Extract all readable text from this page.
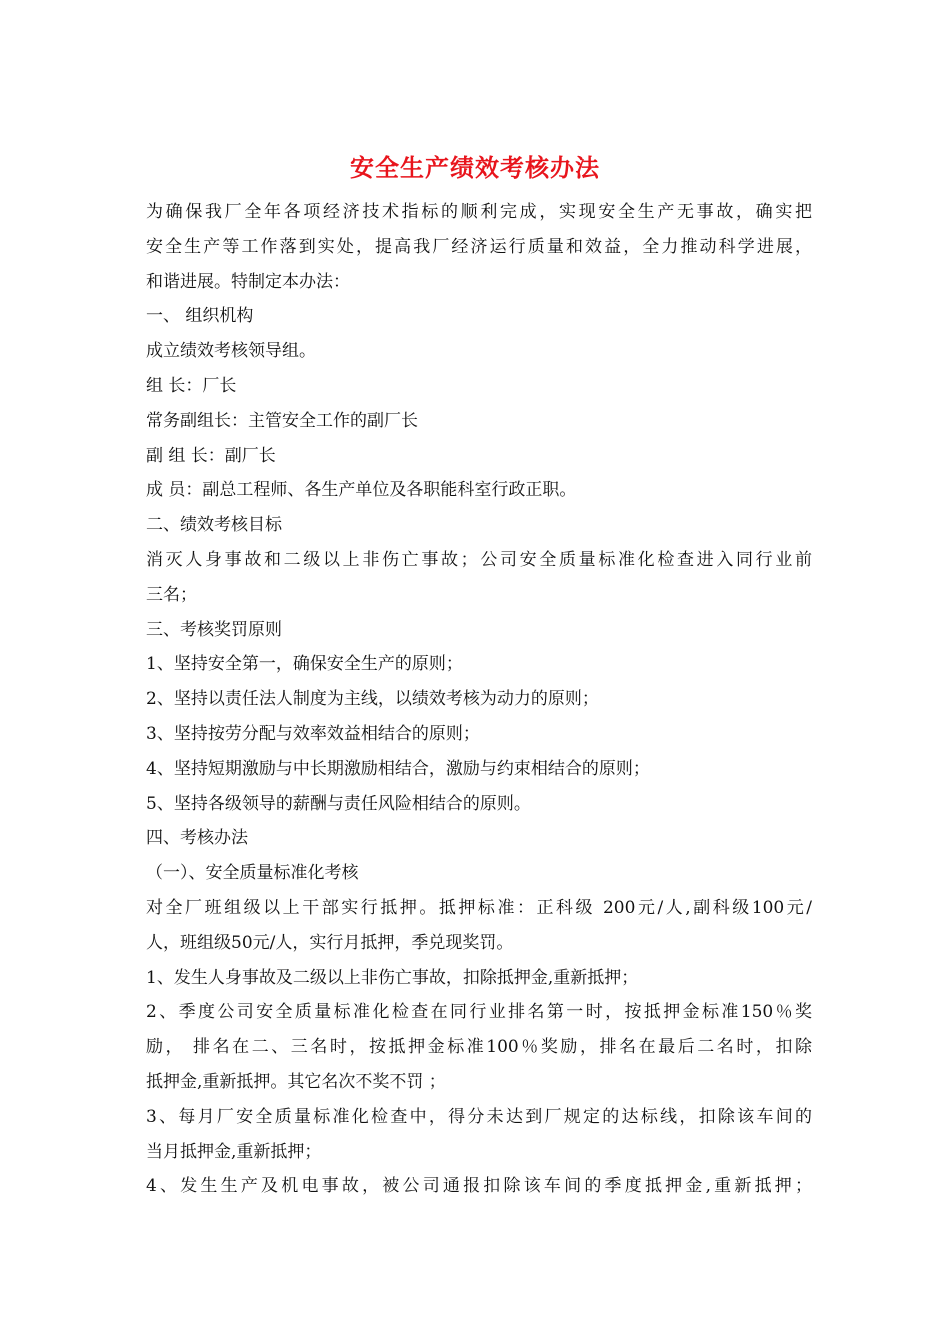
安全生产绩效考核办法
为确保我厂全年各项经济技术指标的顺利完成，实现安全生产无事故，确实把
安全生产等工作落到实处，提高我厂经济运行质量和效益，全力推动科学进展，
和谐进展。特制定本办法：
一、 组织机构
成立绩效考核领导组。
组 长：厂长
常务副组长：主管安全工作的副厂长
副 组 长：副厂长
成 员：副总工程师、各生产单位及各职能科室行政正职。
二、绩效考核目标
消灭人身事故和二级以上非伤亡事故；公司安全质量标准化检查进入同行业前
三名；
三、考核奖罚原则
1、坚持安全第一，确保安全生产的原则；
2、坚持以责任法人制度为主线，以绩效考核为动力的原则；
3、坚持按劳分配与效率效益相结合的原则；
4、坚持短期激励与中长期激励相结合，激励与约束相结合的原则；
5、坚持各级领导的薪酬与责任风险相结合的原则。
四、考核办法
（一）、安全质量标准化考核
对全厂班组级以上干部实行抵押。抵押标准：正科级 200元/人,副科级100元/
人，班组级50元/人，实行月抵押，季兑现奖罚。
1、发生人身事故及二级以上非伤亡事故，扣除抵押金,重新抵押；
2、季度公司安全质量标准化检查在同行业排名第一时，按抵押金标准150％奖
励， 排名在二、三名时，按抵押金标准100％奖励，排名在最后二名时，扣除
抵押金,重新抵押。其它名次不奖不罚 ；
3、每月厂安全质量标准化检查中，得分未达到厂规定的达标线，扣除该车间的
当月抵押金,重新抵押；
4、发生生产及机电事故，被公司通报扣除该车间的季度抵押金,重新抵押；
